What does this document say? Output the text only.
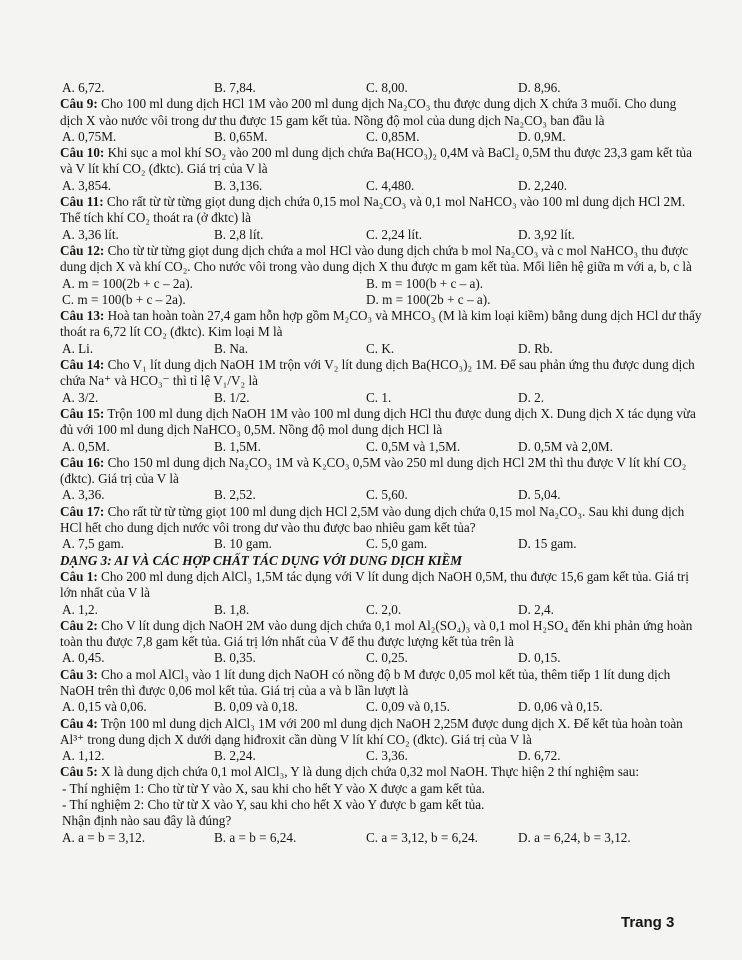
A. 6,72.	B. 7,84.	C. 8,00.	D. 8,96.
Câu 9: Cho 100 ml dung dịch HCl 1M vào 200 ml dung dịch Na₂CO₃ thu được dung dịch X chứa 3 muối. Cho dung dịch X vào nước vôi trong dư thu được 15 gam kết tủa. Nồng độ mol của dung dịch Na₂CO₃ ban đầu là
A. 0,75M.	B. 0,65M.	C. 0,85M.	D. 0,9M.
Câu 10: Khi sục a mol khí SO₂ vào 200 ml dung dịch chứa Ba(HCO₃)₂ 0,4M và BaCl₂ 0,5M thu được 23,3 gam kết tủa và V lít khí CO₂ (đktc). Giá trị của V là
A. 3,854.	B. 3,136.	C. 4,480.	D. 2,240.
Câu 11: Cho rất từ từ từng giọt dung dịch chứa 0,15 mol Na₂CO₃ và 0,1 mol NaHCO₃ vào 100 ml dung dịch HCl 2M. Thể tích khí CO₂ thoát ra (ở đktc) là
A. 3,36 lít.	B. 2,8 lít.	C. 2,24 lít.	D. 3,92 lít.
Câu 12: Cho từ từ từng giọt dung dịch chứa a mol HCl vào dung dịch chứa b mol Na₂CO₃ và c mol NaHCO₃ thu được dung dịch X và khí CO₂. Cho nước vôi trong vào dung dịch X thu được m gam kết tủa. Mối liên hệ giữa m với a, b, c là
A. m = 100(2b + c – 2a).	B. m = 100(b + c – a).
C. m = 100(b + c – 2a).	D. m = 100(2b + c – a).
Câu 13: Hoà tan hoàn toàn 27,4 gam hỗn hợp gồm M₂CO₃ và MHCO₃ (M là kim loại kiềm) bằng dung dịch HCl dư thấy thoát ra 6,72 lít CO₂ (đktc). Kim loại M là
A. Li.	B. Na.	C. K.	D. Rb.
Câu 14: Cho V₁ lít dung dịch NaOH 1M trộn với V₂ lít dung dịch Ba(HCO₃)₂ 1M. Để sau phản ứng thu được dung dịch chứa Na⁺ và HCO₃⁻ thì tỉ lệ V₁/V₂ là
A. 3/2.	B. 1/2.	C. 1.	D. 2.
Câu 15: Trộn 100 ml dung dịch NaOH 1M vào 100 ml dung dịch HCl thu được dung dịch X. Dung dịch X tác dụng vừa đủ với 100 ml dung dịch NaHCO₃ 0,5M. Nồng độ mol dung dịch HCl là
A. 0,5M.	B. 1,5M.	C. 0,5M và 1,5M.	D. 0,5M và 2,0M.
Câu 16: Cho 150 ml dung dịch Na₂CO₃ 1M và K₂CO₃ 0,5M vào 250 ml dung dịch HCl 2M thì thu được V lít khí CO₂ (đktc). Giá trị của V là
A. 3,36.	B. 2,52.	C. 5,60.	D. 5,04.
Câu 17: Cho rất từ từ từng giọt 100 ml dung dịch HCl 2,5M vào dung dịch chứa 0,15 mol Na₂CO₃. Sau khi dung dịch HCl hết cho dung dịch nước vôi trong dư vào thu được bao nhiêu gam kết tủa?
A. 7,5 gam.	B. 10 gam.	C. 5,0 gam.	D. 15 gam.
DẠNG 3: AI VÀ CÁC HỢP CHẤT TÁC DỤNG VỚI DUNG DỊCH KIỀM
Câu 1: Cho 200 ml dung dịch AlCl₃ 1,5M tác dụng với V lít dung dịch NaOH 0,5M, thu được 15,6 gam kết tủa. Giá trị lớn nhất của V là
A. 1,2.	B. 1,8.	C. 2,0.	D. 2,4.
Câu 2: Cho V lít dung dịch NaOH 2M vào dung dịch chứa 0,1 mol Al₂(SO₄)₃ và 0,1 mol H₂SO₄ đến khi phản ứng hoàn toàn thu được 7,8 gam kết tủa. Giá trị lớn nhất của V để thu được lượng kết tủa trên là
A. 0,45.	B. 0,35.	C. 0,25.	D. 0,15.
Câu 3: Cho a mol AlCl₃ vào 1 lít dung dịch NaOH có nồng độ b M được 0,05 mol kết tủa, thêm tiếp 1 lít dung dịch NaOH trên thì được 0,06 mol kết tủa. Giá trị của a và b lần lượt là
A. 0,15 và 0,06.	B. 0,09 và 0,18.	C. 0,09 và 0,15.	D. 0,06 và 0,15.
Câu 4: Trộn 100 ml dung dịch AlCl₃ 1M với 200 ml dung dịch NaOH 2,25M được dung dịch X. Để kết tủa hoàn toàn Al³⁺ trong dung dịch X dưới dạng hiđroxit cần dùng V lít khí CO₂ (đktc). Giá trị của V là
A. 1,12.	B. 2,24.	C. 3,36.	D. 6,72.
Câu 5: X là dung dịch chứa 0,1 mol AlCl₃, Y là dung dịch chứa 0,32 mol NaOH. Thực hiện 2 thí nghiệm sau:
- Thí nghiệm 1: Cho từ từ Y vào X, sau khi cho hết Y vào X được a gam kết tủa.
- Thí nghiệm 2: Cho từ từ X vào Y, sau khi cho hết X vào Y được b gam kết tủa.
Nhận định nào sau đây là đúng?
A. a = b = 3,12.	B. a = b = 6,24.	C. a = 3,12, b = 6,24.	D. a = 6,24, b = 3,12.
Trang 3
